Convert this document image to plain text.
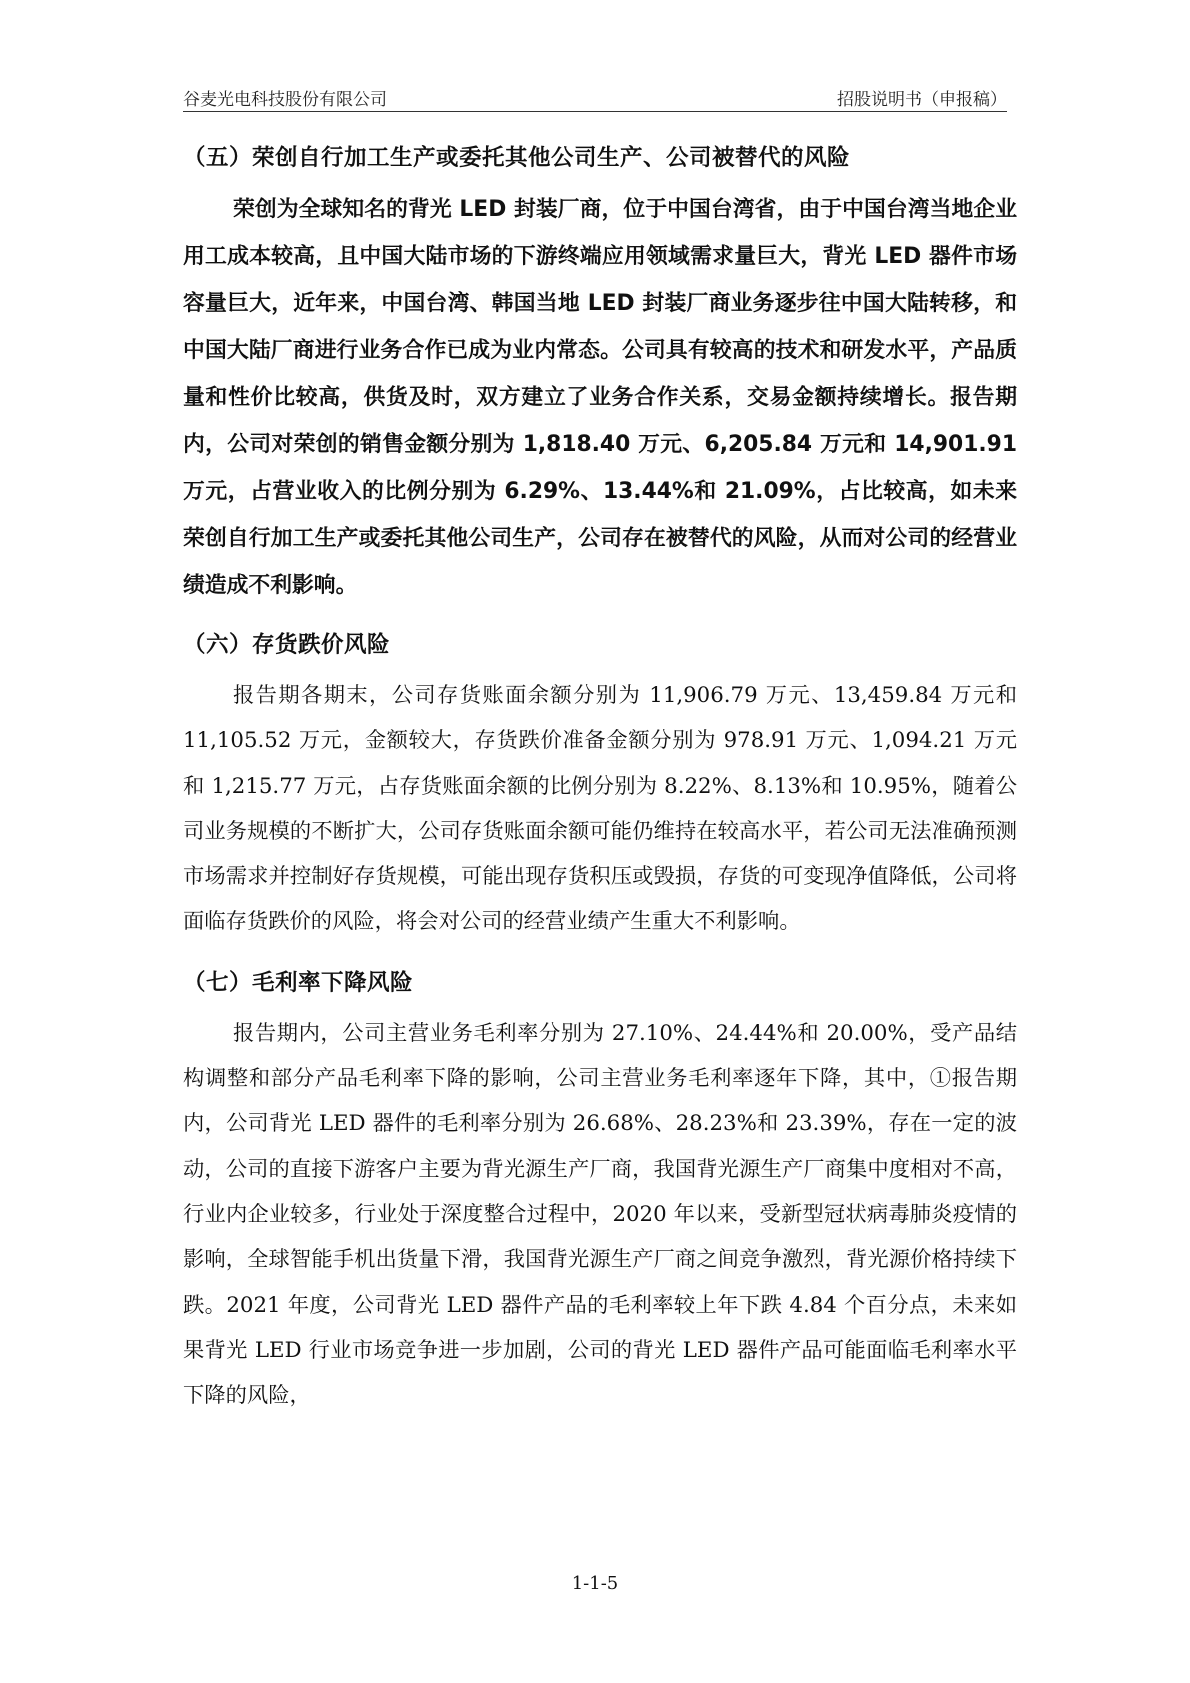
谷麦光电科技股份有限公司	招股说明书（申报稿）
（五）荣创自行加工生产或委托其他公司生产、公司被替代的风险

荣创为全球知名的背光 LED 封装厂商，位于中国台湾省，由于中国台湾当地企业用工成本较高，且中国大陆市场的下游终端应用领域需求量巨大，背光 LED 器件市场容量巨大，近年来，中国台湾、韩国当地 LED 封装厂商业务逐步往中国大陆转移，和中国大陆厂商进行业务合作已成为业内常态。公司具有较高的技术和研发水平，产品质量和性价比较高，供货及时，双方建立了业务合作关系，交易金额持续增长。报告期内，公司对荣创的销售金额分别为 1,818.40 万元、6,205.84 万元和 14,901.91 万元，占营业收入的比例分别为 6.29%、13.44%和 21.09%，占比较高，如未来荣创自行加工生产或委托其他公司生产，公司存在被替代的风险，从而对公司的经营业绩造成不利影响。

（六）存货跌价风险

报告期各期末，公司存货账面余额分别为 11,906.79 万元、13,459.84 万元和 11,105.52 万元，金额较大，存货跌价准备金额分别为 978.91 万元、1,094.21 万元和 1,215.77 万元，占存货账面余额的比例分别为 8.22%、8.13%和 10.95%，随着公司业务规模的不断扩大，公司存货账面余额可能仍维持在较高水平，若公司无法准确预测市场需求并控制好存货规模，可能出现存货积压或毁损，存货的可变现净值降低，公司将面临存货跌价的风险，将会对公司的经营业绩产生重大不利影响。

（七）毛利率下降风险

报告期内，公司主营业务毛利率分别为 27.10%、24.44%和 20.00%，受产品结构调整和部分产品毛利率下降的影响，公司主营业务毛利率逐年下降，其中，①报告期内，公司背光 LED 器件的毛利率分别为 26.68%、28.23%和 23.39%，存在一定的波动，公司的直接下游客户主要为背光源生产厂商，我国背光源生产厂商集中度相对不高，行业内企业较多，行业处于深度整合过程中，2020 年以来，受新型冠状病毒肺炎疫情的影响，全球智能手机出货量下滑，我国背光源生产厂商之间竞争激烈，背光源价格持续下跌。2021 年度，公司背光 LED 器件产品的毛利率较上年下跌 4.84 个百分点，未来如果背光 LED 行业市场竞争进一步加剧，公司的背光 LED 器件产品可能面临毛利率水平下降的风险，

1-1-5
